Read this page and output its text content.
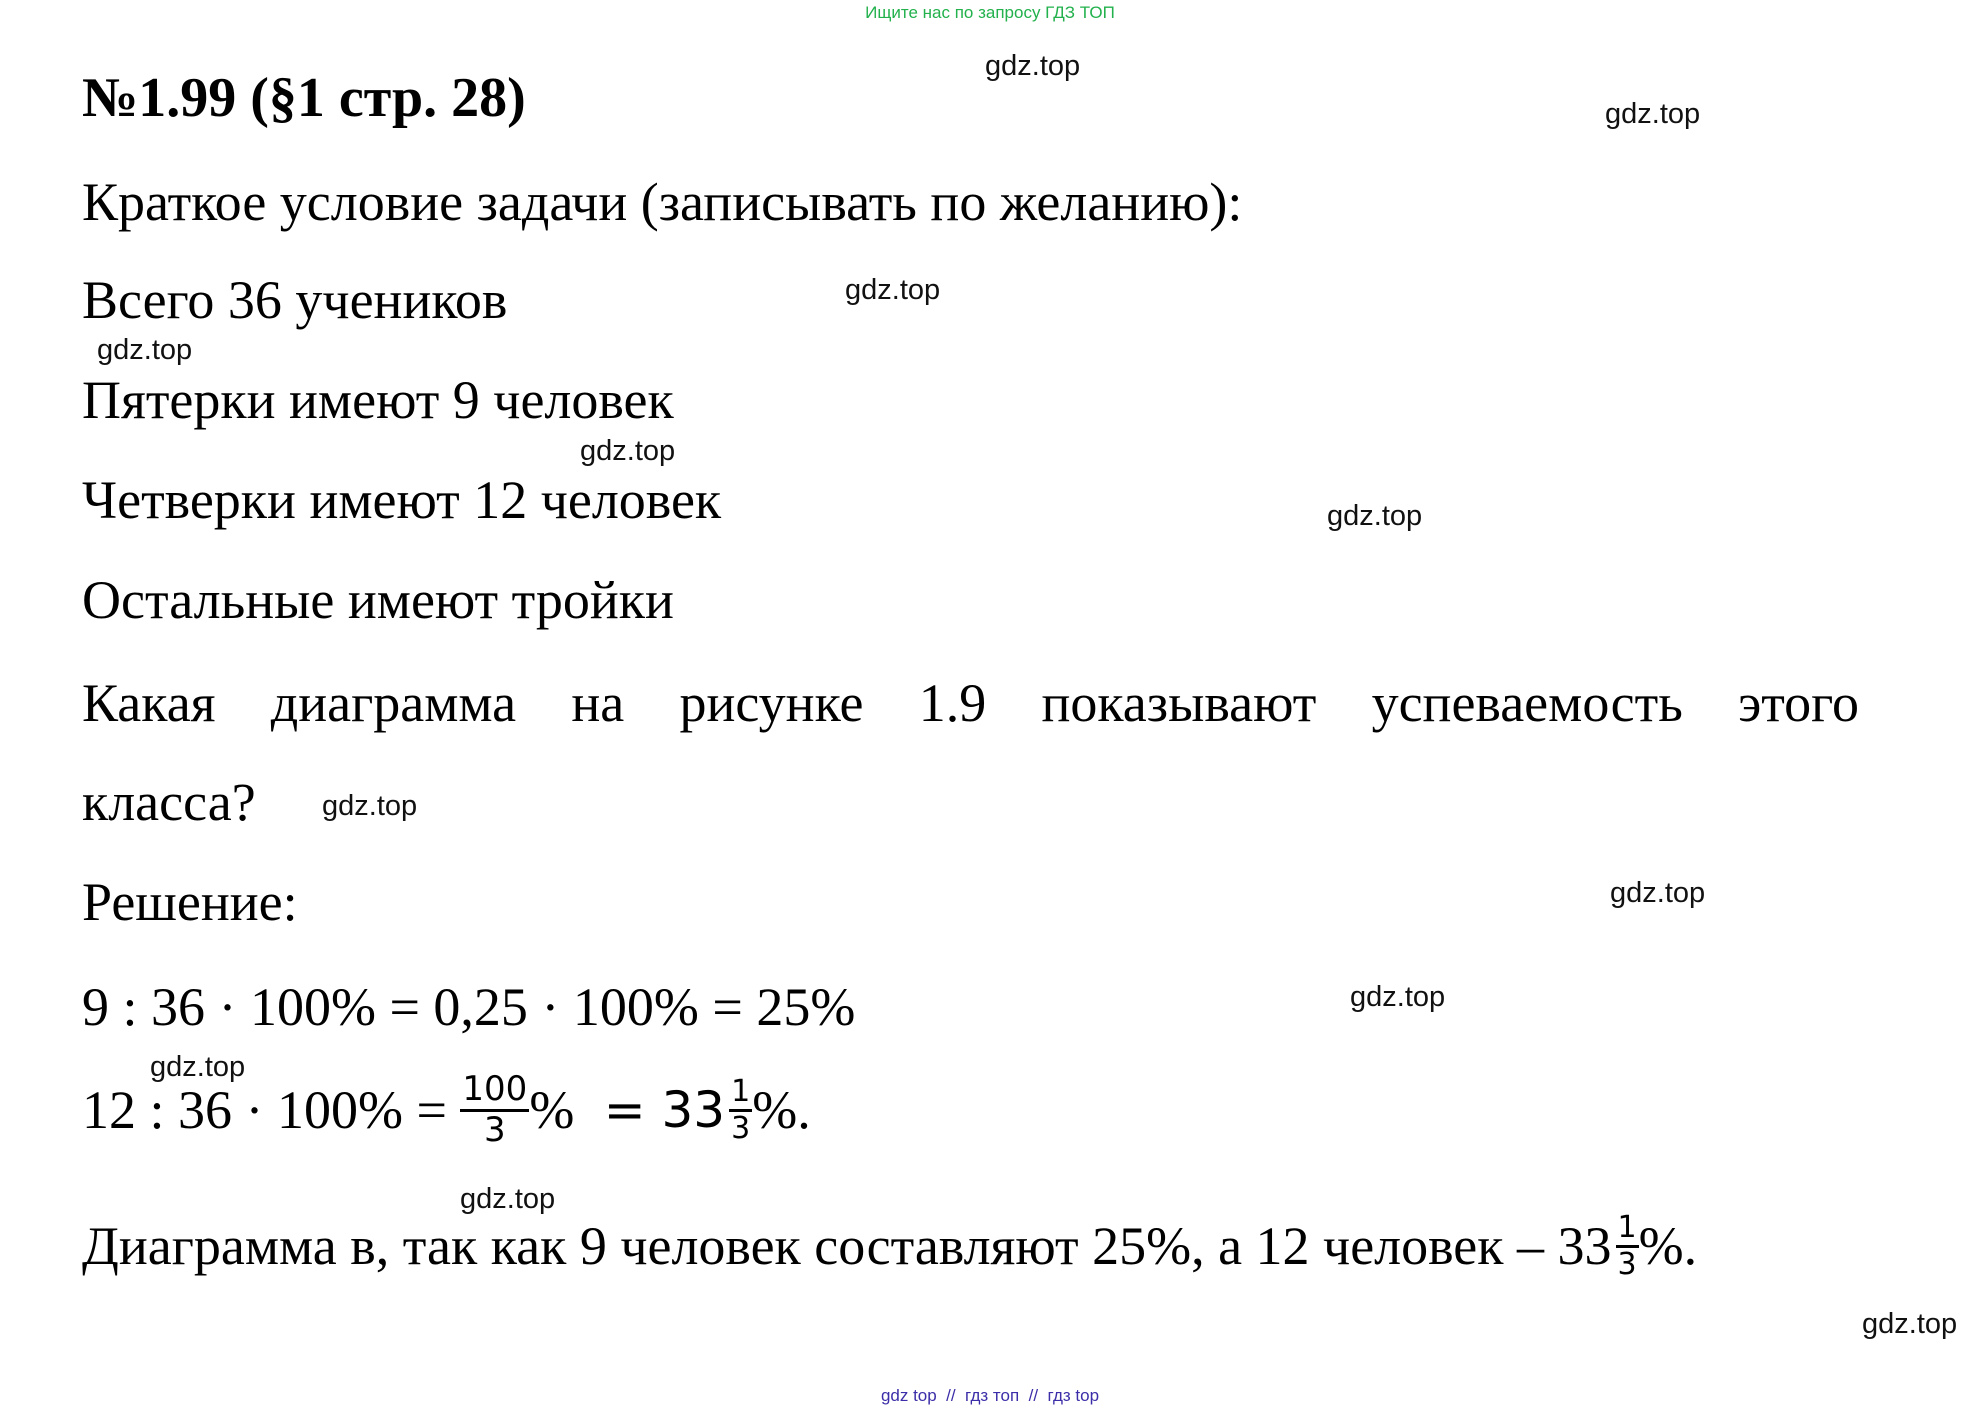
Ищите нас по запросу ГДЗ ТОП
№1.99 (§1 стр. 28)
Краткое условие задачи (записывать по желанию):
Всего 36 учеников
Пятерки имеют 9 человек
Четверки имеют 12 человек
Остальные имеют тройки
Какая диаграмма на рисунке 1.9 показывают успеваемость этого
класса?
Решение:
9 : 36 · 100% = 0,25 · 100% = 25%
12 : $36 \cdot 100\% = \frac{100}{3}$ % = $33 \frac{1}{3}$ %.
Диаграмма в, так как 9 человек составляют 25%, а 12 человек – $33 \frac{1}{3}$ %.
gdz.top
gdz.top
gdz.top
gdz.top
gdz.top
gdz.top
gdz.top
gdz.top
gdz.top
gdz.top
gdz.top
gdz.top
gdz top  //  гдз топ  //  гдз top
